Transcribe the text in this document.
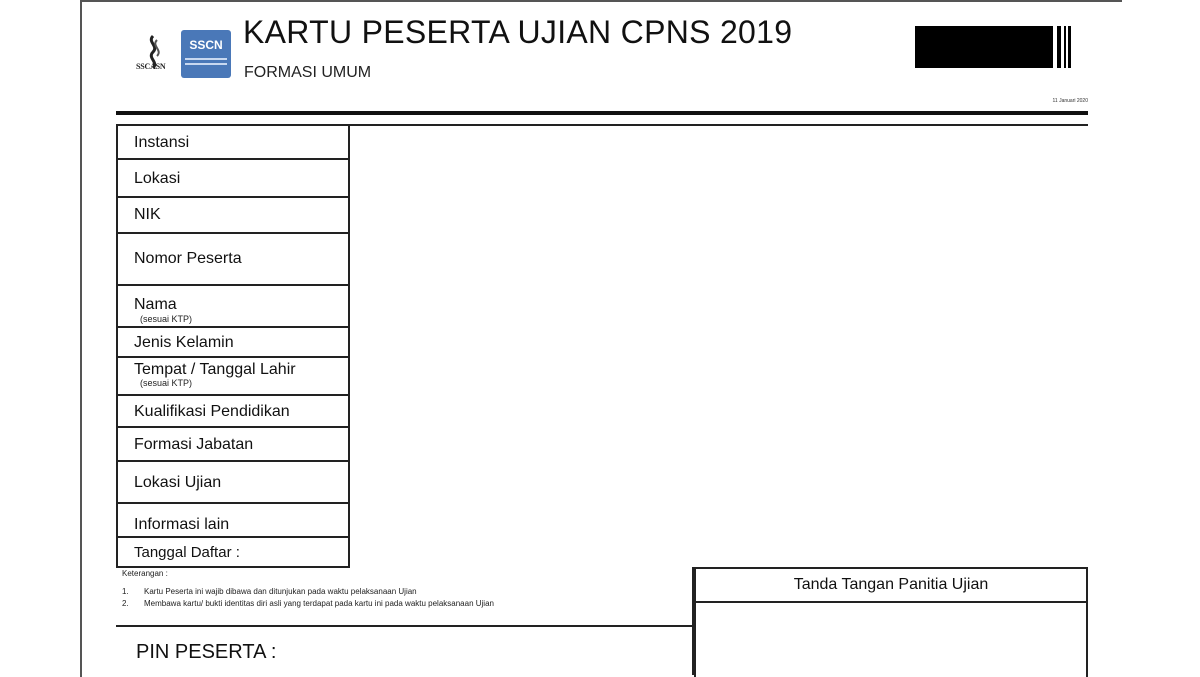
SSCASN
SSCN KARTU PESERTA UJIAN CPNS 2019
FORMASI UMUM
11 Januari 2020
Instansi
Lokasi
NIK
Nomor Peserta
Nama
(sesuai KTP)
Jenis Kelamin
Tempat / Tanggal Lahir
(sesuai KTP)
Kualifikasi Pendidikan
Formasi Jabatan
Lokasi Ujian
Informasi lain
Tanggal Daftar :
Keterangan :
1. Kartu Peserta ini wajib dibawa dan ditunjukan pada waktu pelaksanaan Ujian
2. Membawa kartu/ bukti identitas diri asli yang terdapat pada kartu ini pada waktu pelaksanaan Ujian
PIN PESERTA :
Tanda Tangan Panitia Ujian
